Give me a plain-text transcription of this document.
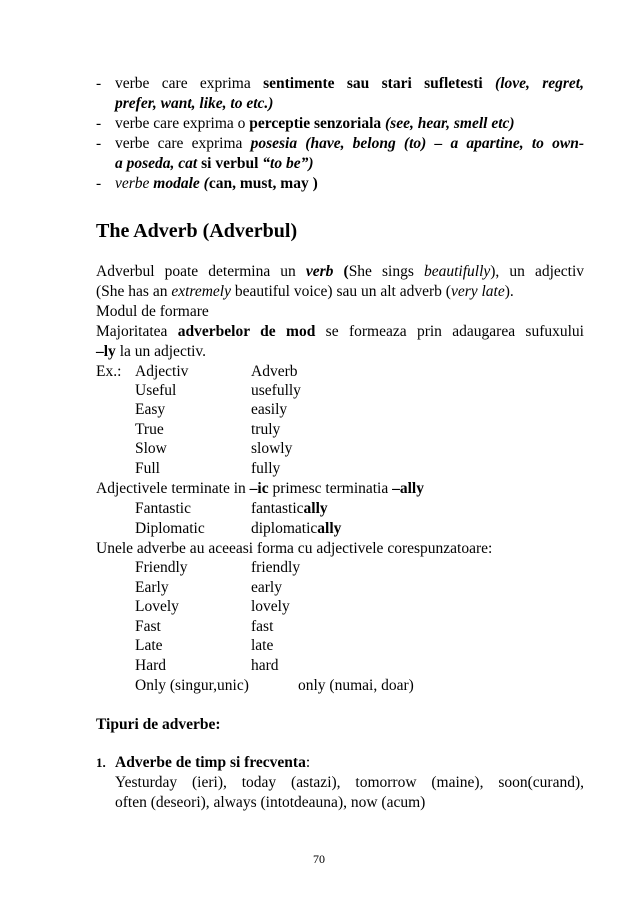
- verbe care exprima sentimente sau stari sufletesti (love, regret,
prefer, want, like, to etc.)
- verbe care exprima o perceptie senzoriala (see, hear, smell etc)
- verbe care exprima posesia (have, belong (to) – a apartine, to own-
a poseda, cat si verbul “to be”)
- verbe modale (can, must, may )
The Adverb (Adverbul)
Adverbul poate determina un verb (She sings beautifully), un adjectiv
(She has an extremely beautiful voice) sau un alt adverb (very late).
Modul de formare
Majoritatea adverbelor de mod se formeaza prin adaugarea sufuxului
–ly la un adjectiv.
Ex.: Adjectiv	Adverb
Useful	usefully
Easy	easily
True	truly
Slow	slowly
Full	fully
Adjectivele terminate in –ic primesc terminatia –ally
Fantastic	fantastically
Diplomatic	diplomatically
Unele adverbe au aceeasi forma cu adjectivele corespunzatoare:
Friendly	friendly
Early	early
Lovely	lovely
Fast	fast
Late	late
Hard	hard
Only (singur,unic)	only (numai, doar)
Tipuri de adverbe:
1. Adverbe de timp si frecventa:
Yesturday (ieri), today (astazi), tomorrow (maine), soon(curand),
often (deseori), always (intotdeauna), now (acum)
70
